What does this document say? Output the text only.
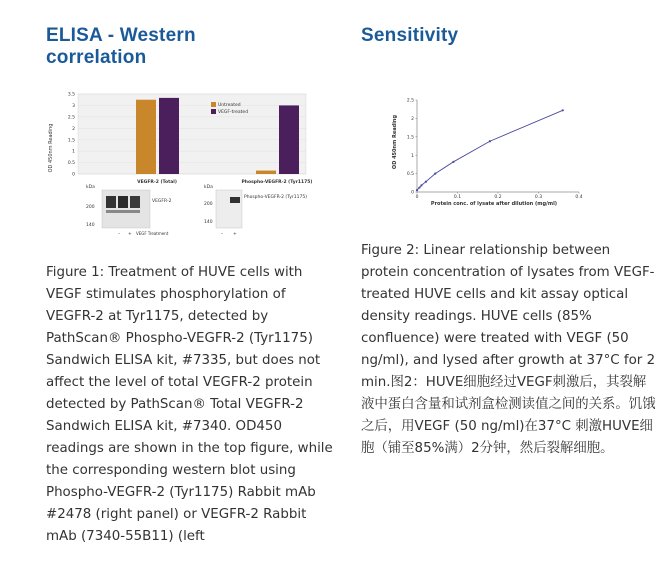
ELISA - Western correlation
0
0.5
1
1.5
2
2.5
3
3.5
OD 450nm Reading
VEGFR-2 (Total)	Phospho-VEGFR-2 (Tyr1175)
Untreated
VEGF-treated
kDa
200
140
VEGFR-2
– + VEGF Treatment
kDa
200
140
Phospho-VEGFR-2 (Tyr1175)
– +

Figure 1: Treatment of HUVE cells with VEGF stimulates phosphorylation of VEGFR-2 at Tyr1175, detected by PathScan® Phospho-VEGFR-2 (Tyr1175) Sandwich ELISA kit, #7335, but does not affect the level of total VEGFR-2 protein detected by PathScan® Total VEGFR-2 Sandwich ELISA kit, #7340. OD450 readings are shown in the top figure, while the corresponding western blot using Phospho-VEGFR-2 (Tyr1175) Rabbit mAb #2478 (right panel) or VEGFR-2 Rabbit mAb (7340-55B11) (left

Sensitivity
0
0.5
1
1.5
2
2.5
0	0.1	0.2	0.3	0.4
OD 450nm Reading
Protein conc. of lysate after dilution (mg/ml)

Figure 2: Linear relationship between protein concentration of lysates from VEGF-treated HUVE cells and kit assay optical density readings. HUVE cells (85% confluence) were treated with VEGF (50 ng/ml), and lysed after growth at 37°C for 2 min.图2：HUVE细胞经过VEGF刺激后，其裂解液中蛋白含量和试剂盒检测读值之间的关系。饥饿之后，用VEGF (50 ng/ml)在37°C 刺激HUVE细胞（铺至85%满）2分钟，然后裂解细胞。
